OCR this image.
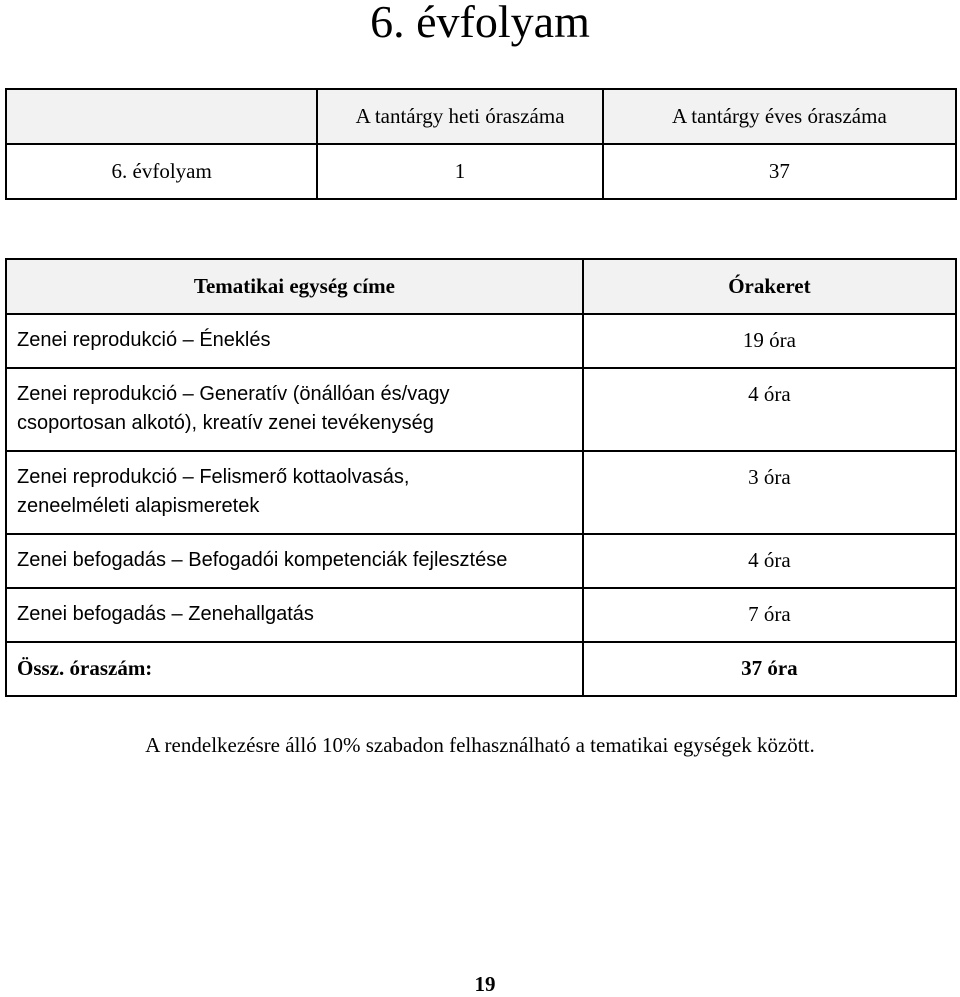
6. évfolyam
	A tantárgy heti óraszáma	A tantárgy éves óraszáma
6. évfolyam	1	37
Tematikai egység címe	Órakeret

Zenei reprodukció – Éneklés	19 óra

Zenei reprodukció – Generatív (önállóan és/vagy
csoportosan alkotó), kreatív zenei tevékenység	4 óra

Zenei reprodukció – Felismerő kottaolvasás,
zeneelméleti alapismeretek	3 óra

Zenei befogadás – Befogadói kompetenciák fejlesztése	4 óra

Zenei befogadás – Zenehallgatás	7 óra
Össz. óraszám:	37 óra
A rendelkezésre álló 10% szabadon felhasználható a tematikai egységek között.
19
